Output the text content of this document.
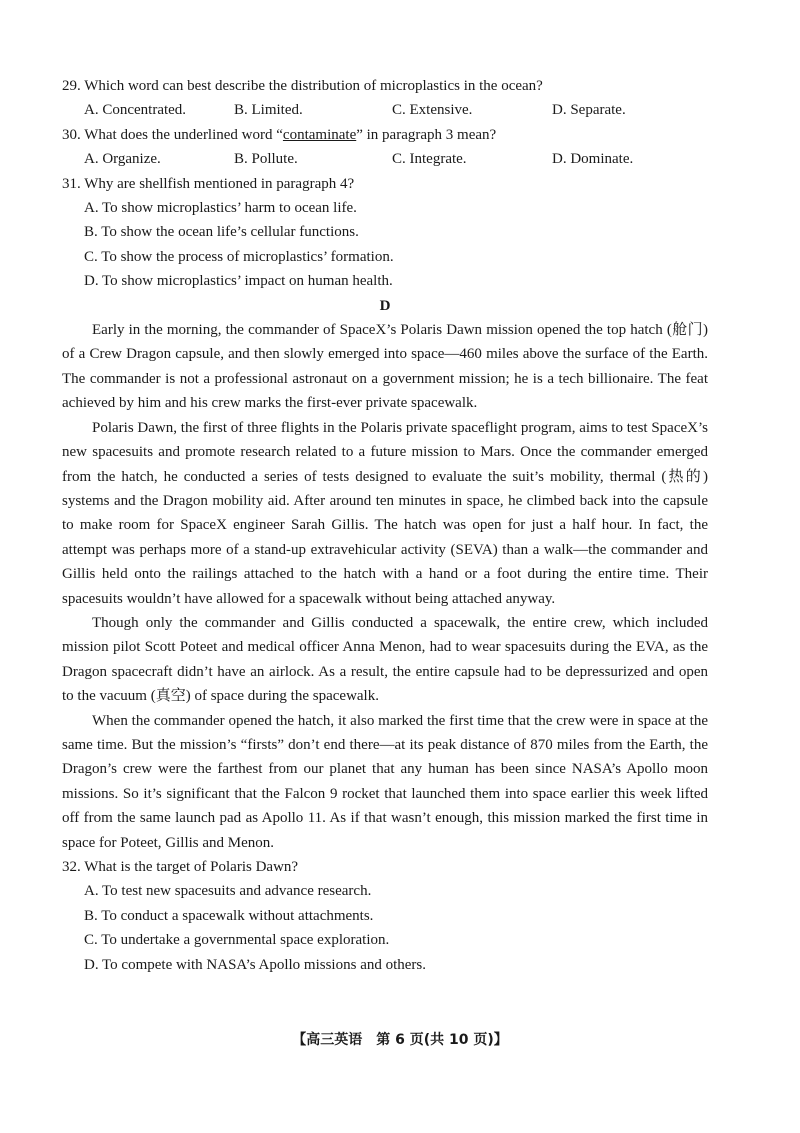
29. Which word can best describe the distribution of microplastics in the ocean?

A. Concentrated.	B. Limited.	C. Extensive.	D. Separate.

30. What does the underlined word “contaminate” in paragraph 3 mean?

A. Organize.	B. Pollute.	C. Integrate.	D. Dominate.

31. Why are shellfish mentioned in paragraph 4?

A. To show microplastics’ harm to ocean life.
B. To show the ocean life’s cellular functions.
C. To show the process of microplastics’ formation.
D. To show microplastics’ impact on human health.

D

Early in the morning, the commander of SpaceX’s Polaris Dawn mission opened the top hatch (舱门) of a Crew Dragon capsule, and then slowly emerged into space—460 miles above the surface of the Earth. The commander is not a professional astronaut on a government mission; he is a tech billionaire. The feat achieved by him and his crew marks the first-ever private spacewalk.

Polaris Dawn, the first of three flights in the Polaris private spaceflight program, aims to test SpaceX’s new spacesuits and promote research related to a future mission to Mars. Once the commander emerged from the hatch, he conducted a series of tests designed to evaluate the suit’s mobility, thermal (热的) systems and the Dragon mobility aid. After around ten minutes in space, he climbed back into the capsule to make room for SpaceX engineer Sarah Gillis. The hatch was open for just a half hour. In fact, the attempt was perhaps more of a stand-up extravehicular activity (SEVA) than a walk—the commander and Gillis held onto the railings attached to the hatch with a hand or a foot during the entire time. Their spacesuits wouldn’t have allowed for a spacewalk without being attached anyway.

Though only the commander and Gillis conducted a spacewalk, the entire crew, which included mission pilot Scott Poteet and medical officer Anna Menon, had to wear spacesuits during the EVA, as the Dragon spacecraft didn’t have an airlock. As a result, the entire capsule had to be depressurized and open to the vacuum (真空) of space during the spacewalk.

When the commander opened the hatch, it also marked the first time that the crew were in space at the same time. But the mission’s “firsts” don’t end there—at its peak distance of 870 miles from the Earth, the Dragon’s crew were the farthest from our planet that any human has been since NASA’s Apollo moon missions. So it’s significant that the Falcon 9 rocket that launched them into space earlier this week lifted off from the same launch pad as Apollo 11. As if that wasn’t enough, this mission marked the first time in space for Poteet, Gillis and Menon.

32. What is the target of Polaris Dawn?

A. To test new spacesuits and advance research.
B. To conduct a spacewalk without attachments.
C. To undertake a governmental space exploration.
D. To compete with NASA’s Apollo missions and others.
【高三英语　第 6 页(共 10 页)】
